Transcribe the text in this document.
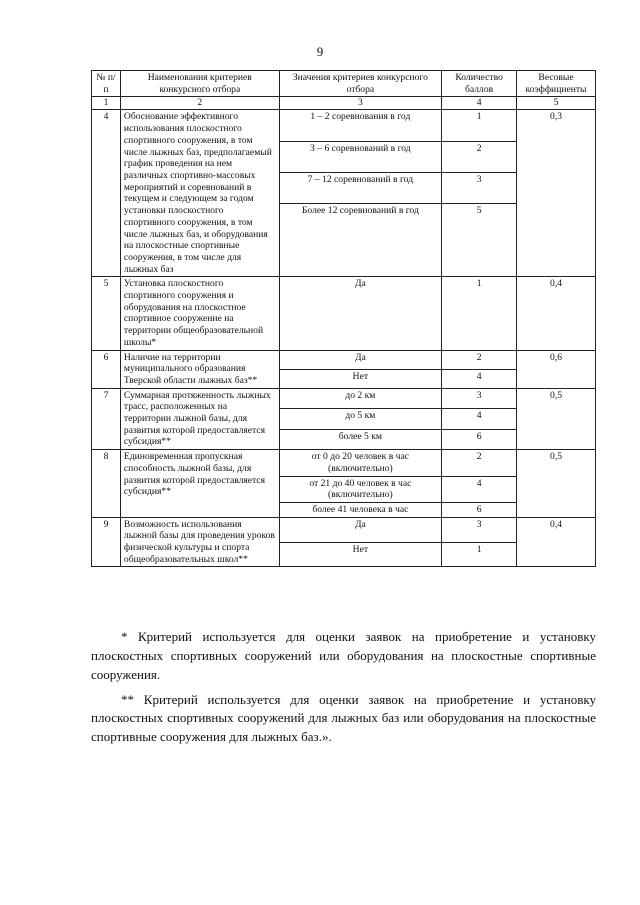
9
№ п/п	Наименования критериев конкурсного отбора	Значения критериев конкурсного отбора	Количество баллов	Весовые коэффициенты
1	2	3	4	5
4	Обоснование эффективного использования плоскостного спортивного сооружения, в том числе лыжных баз, предполагаемый график проведения на нем различных спортивно-массовых мероприятий и соревнований в текущем и следующем за годом установки плоскостного спортивного сооружения, в том числе лыжных баз, и оборудования на плоскостные спортивные сооружения, в том числе для лыжных баз	1 – 2 соревнования в год	1	0,3
		3 – 6 соревнований в год	2	
		7 – 12 соревнований в год	3	
		Более 12 соревнований в год	5	
5	Установка плоскостного спортивного сооружения и оборудования на плоскостное спортивное сооружение на территории общеобразовательной школы*	Да	1	0,4
6	Наличие на территории муниципального образования Тверской области лыжных баз**	Да	2	0,6
		Нет	4	
7	Суммарная протяженность лыжных трасс, расположенных на территории лыжной базы, для развития которой предоставляется субсидия**	до 2 км	3	0,5
		до 5 км	4	
		более 5 км	6	
8	Единовременная пропускная способность лыжной базы, для развития которой предоставляется субсидия**	от 0 до 20 человек в час (включительно)	2	0,5
		от 21 до 40 человек в час (включительно)	4	
		более 41 человека в час	6	
9	Возможность использования лыжной базы для проведения уроков физической культуры и спорта общеобразовательных школ**	Да	3	0,4
		Нет	1	

* Критерий используется для оценки заявок на приобретение и установку плоскостных спортивных сооружений или оборудования на плоскостные спортивные сооружения.

** Критерий используется для оценки заявок на приобретение и установку плоскостных спортивных сооружений для лыжных баз или оборудования на плоскостные спортивные сооружения для лыжных баз.».
